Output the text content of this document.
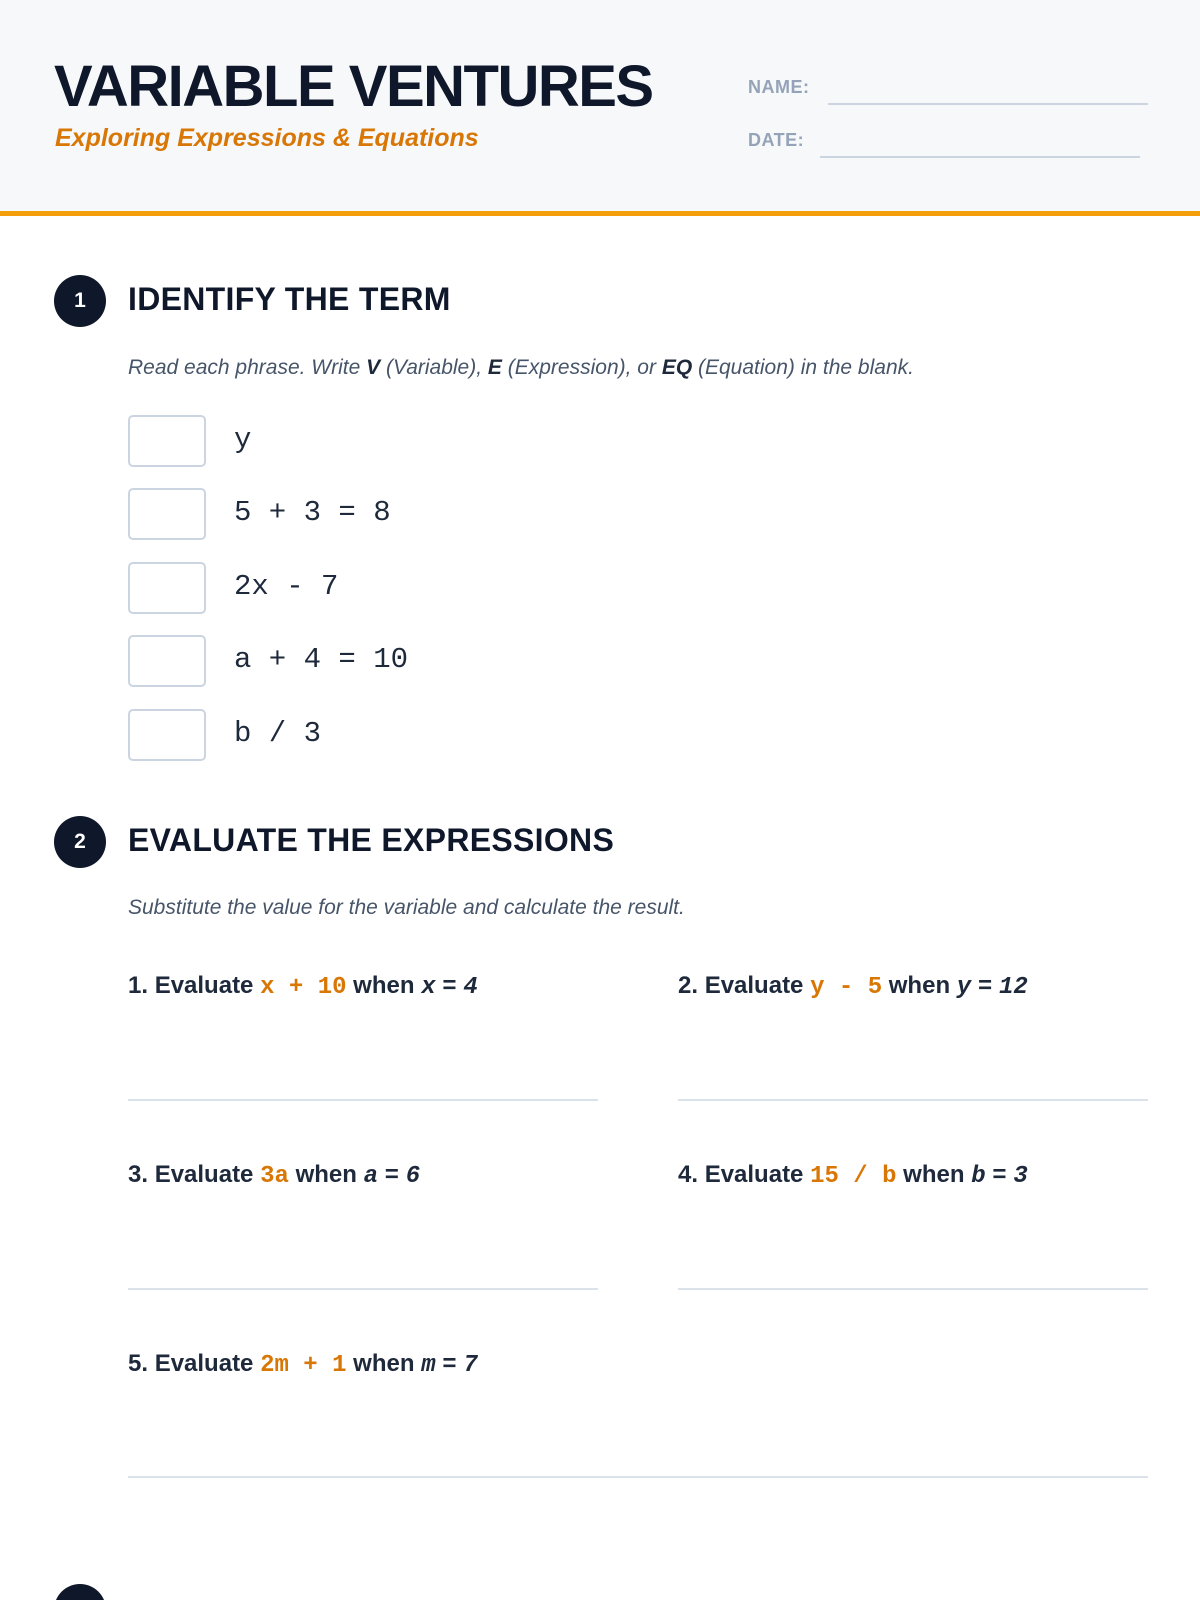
VARIABLE VENTURES
Exploring Expressions & Equations
NAME:
DATE:
1	IDENTIFY THE TERM
Read each phrase. Write V (Variable), E (Expression), or EQ (Equation) in the blank.
y
5 + 3 = 8
2x - 7
a + 4 = 10
b / 3
2	EVALUATE THE EXPRESSIONS
Substitute the value for the variable and calculate the result.
1. Evaluate x + 10 when x = 4	2. Evaluate y - 5 when y = 12
3. Evaluate 3a when a = 6	4. Evaluate 15 / b when b = 3
5. Evaluate 2m + 1 when m = 7
